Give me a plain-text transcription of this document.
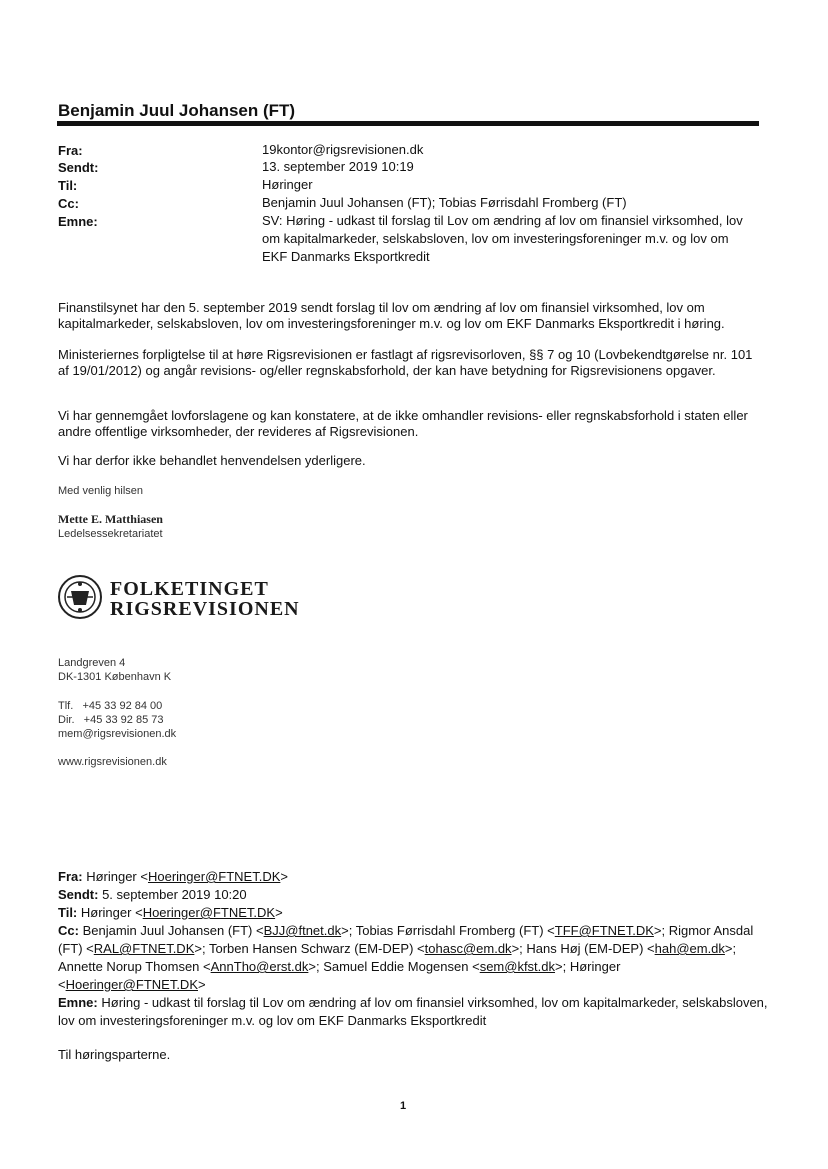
Benjamin Juul Johansen (FT)
Fra:	19kontor@rigsrevisionen.dk
Sendt:	13. september 2019 10:19
Til:	Høringer
Cc:	Benjamin Juul Johansen (FT); Tobias Førrisdahl Fromberg (FT)
Emne:	SV: Høring - udkast til forslag til Lov om ændring af lov om finansiel virksomhed, lov om kapitalmarkeder, selskabsloven, lov om investeringsforeninger m.v. og lov om EKF Danmarks Eksportkredit
Finanstilsynet har den 5. september 2019 sendt forslag til lov om ændring af lov om finansiel virksomhed, lov om kapitalmarkeder, selskabsloven, lov om investeringsforeninger m.v. og lov om EKF Danmarks Eksportkredit i høring.
Ministeriernes forpligtelse til at høre Rigsrevisionen er fastlagt af rigsrevisorloven, §§ 7 og 10 (Lovbekendtgørelse nr. 101 af 19/01/2012) og angår revisions- og/eller regnskabsforhold, der kan have betydning for Rigsrevisionens opgaver.
Vi har gennemgået lovforslagene og kan konstatere, at de ikke omhandler revisions- eller regnskabsforhold i staten eller andre offentlige virksomheder, der revideres af Rigsrevisionen.
Vi har derfor ikke behandlet henvendelsen yderligere.
Med venlig hilsen
Mette E. Matthiasen
Ledelsessekretariatet
FOLKETINGET
RIGSREVISIONEN
Landgreven 4
DK-1301 København K
Tlf.   +45 33 92 84 00
Dir.   +45 33 92 85 73
mem@rigsrevisionen.dk
www.rigsrevisionen.dk
Fra: Høringer <Hoeringer@FTNET.DK>
Sendt: 5. september 2019 10:20
Til: Høringer <Hoeringer@FTNET.DK>
Cc: Benjamin Juul Johansen (FT) <BJJ@ftnet.dk>; Tobias Førrisdahl Fromberg (FT) <TFF@FTNET.DK>; Rigmor Ansdal (FT) <RAL@FTNET.DK>; Torben Hansen Schwarz (EM-DEP) <tohasc@em.dk>; Hans Høj (EM-DEP) <hah@em.dk>; Annette Norup Thomsen <AnnTho@erst.dk>; Samuel Eddie Mogensen <sem@kfst.dk>; Høringer <Hoeringer@FTNET.DK>
Emne: Høring - udkast til forslag til Lov om ændring af lov om finansiel virksomhed, lov om kapitalmarkeder, selskabsloven, lov om investeringsforeninger m.v. og lov om EKF Danmarks Eksportkredit
Til høringsparterne.
1
